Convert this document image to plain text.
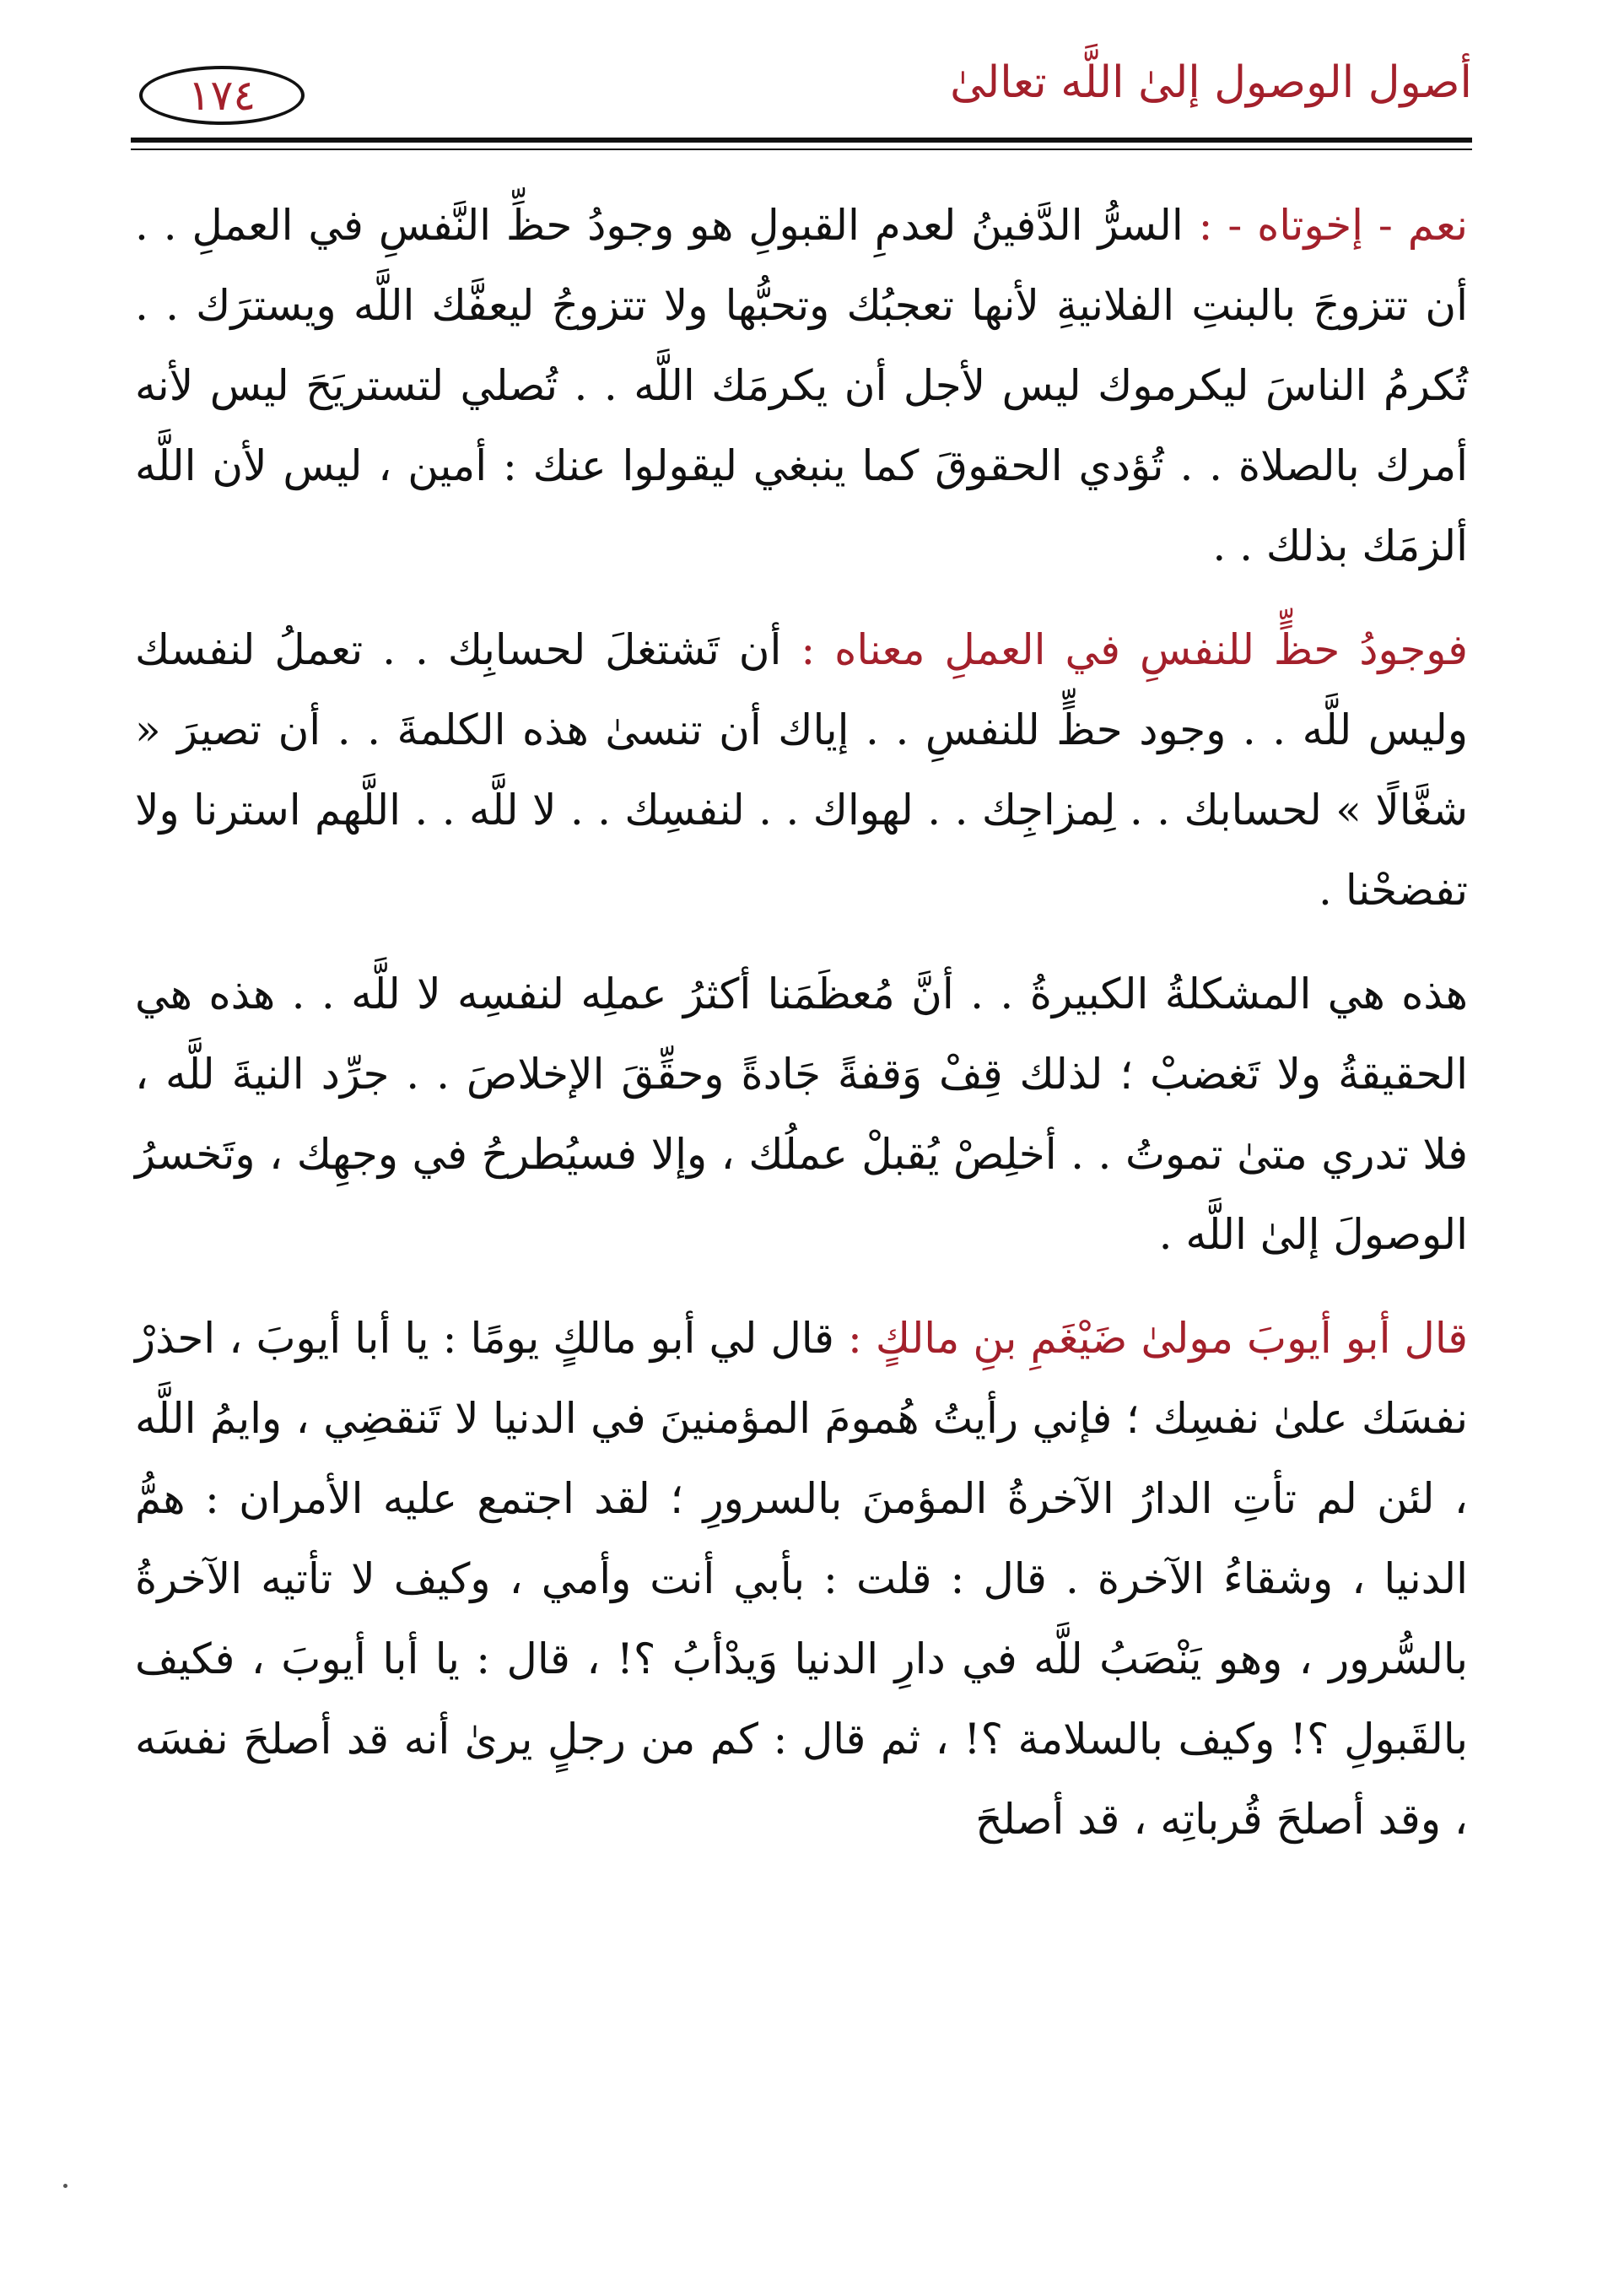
أصول الوصول إلىٰ اللَّه تعالىٰ
١٧٤

نعم - إخوتاه - : السرُّ الدَّفينُ لعدمِ القبولِ هو وجودُ حظِّ النَّفسِ في العملِ . . أن تتزوجَ بالبنتِ الفلانيةِ لأنها تعجبُك وتحبُّها ولا تتزوجُ ليعفَّك اللَّه ويسترَك . . تُكرمُ الناسَ ليكرموك ليس لأجل أن يكرمَك اللَّه . . تُصلي لتستريَحَ ليس لأنه أمرك بالصلاة . . تُؤدي الحقوقَ كما ينبغي ليقولوا عنك : أمين ، ليس لأن اللَّه ألزمَك بذلك . .

فوجودُ حظٍّ للنفسِ في العملِ معناه : أن تَشتغلَ لحسابِك . . تعملُ لنفسك وليس للَّه . . وجود حظٍّ للنفسِ . . إياك أن تنسىٰ هذه الكلمةَ . . أن تصيرَ « شغَّالًا » لحسابك . . لِمزاجِك . . لهواك . . لنفسِك . . لا للَّه . . اللَّهم استرنا ولا تفضحْنا .

هذه هي المشكلةُ الكبيرةُ . . أنَّ مُعظَمَنا أكثرُ عملِه لنفسِه لا للَّه . . هذه هي الحقيقةُ ولا تَغضبْ ؛ لذلك قِفْ وَقفةً جَادةً وحقِّقَ الإخلاصَ . . جرِّد النيةَ للَّه ، فلا تدري متىٰ تموتُ . . أخلِصْ يُقبلْ عملُك ، وإلا فسيُطرحُ في وجهِك ، وتَخسرُ الوصولَ إلىٰ اللَّه .

قال أبو أيوبَ مولىٰ ضَيْغَمِ بنِ مالكٍ : قال لي أبو مالكٍ يومًا : يا أبا أيوبَ ، احذرْ نفسَك علىٰ نفسِك ؛ فإني رأيتُ هُمومَ المؤمنينَ في الدنيا لا تَنقضِي ، وايمُ اللَّه ، لئن لم تأتِ الدارُ الآخرةُ المؤمنَ بالسرورِ ؛ لقد اجتمع عليه الأمران : همُّ الدنيا ، وشقاءُ الآخرة . قال : قلت : بأبي أنت وأمي ، وكيف لا تأتيه الآخرةُ بالسُّرور ، وهو يَنْصَبُ للَّه في دارِ الدنيا وَيدْأبُ ؟! ، قال : يا أبا أيوبَ ، فكيف بالقَبولِ ؟! وكيف بالسلامة ؟! ، ثم قال : كم من رجلٍ يرىٰ أنه قد أصلحَ نفسَه ، وقد أصلحَ قُرباتِه ، قد أصلحَ
